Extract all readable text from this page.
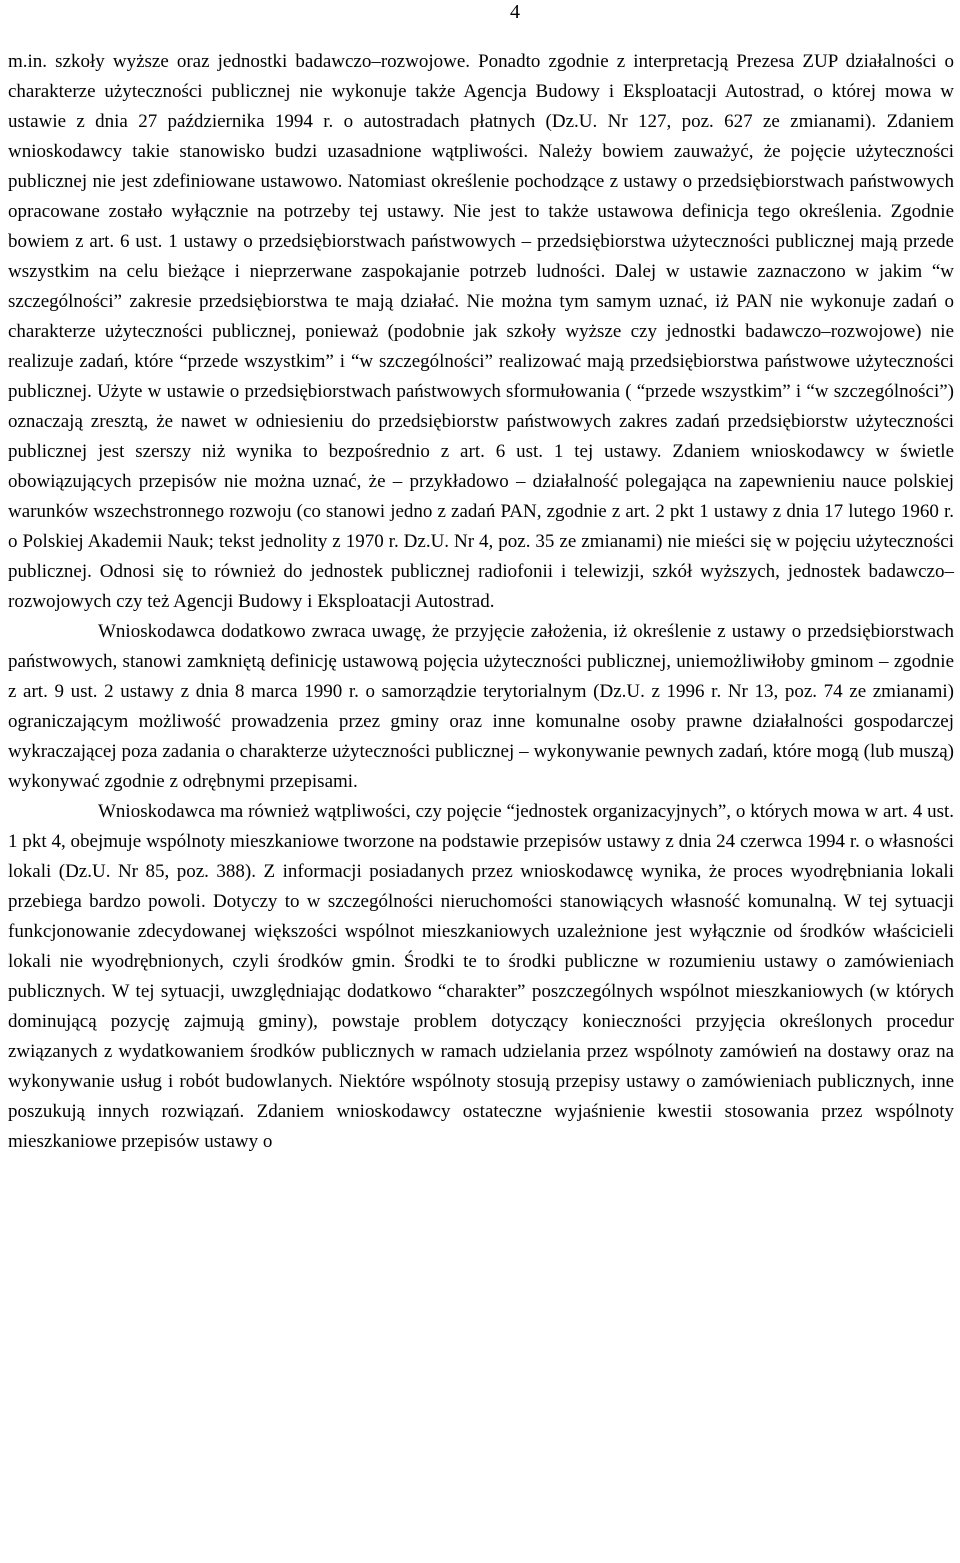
4

m.in. szkoły wyższe oraz jednostki badawczo–rozwojowe. Ponadto zgodnie z interpretacją Prezesa ZUP działalności o charakterze użyteczności publicznej nie wykonuje także Agencja Budowy i Eksploatacji Autostrad, o której mowa w ustawie z dnia 27 października 1994 r. o autostradach płatnych (Dz.U. Nr 127, poz. 627 ze zmianami). Zdaniem wnioskodawcy takie stanowisko budzi uzasadnione wątpliwości. Należy bowiem zauważyć, że pojęcie użyteczności publicznej nie jest zdefiniowane ustawowo. Natomiast określenie pochodzące z ustawy o przedsiębiorstwach państwowych opracowane zostało wyłącznie na potrzeby tej ustawy. Nie jest to także ustawowa definicja tego określenia. Zgodnie bowiem z art. 6 ust. 1 ustawy o przedsiębiorstwach państwowych – przedsiębiorstwa użyteczności publicznej mają przede wszystkim na celu bieżące i nieprzerwane zaspokajanie potrzeb ludności. Dalej w ustawie zaznaczono w jakim “w szczególności” zakresie przedsiębiorstwa te mają działać. Nie można tym samym uznać, iż PAN nie wykonuje zadań o charakterze użyteczności publicznej, ponieważ (podobnie jak szkoły wyższe czy jednostki badawczo–rozwojowe) nie realizuje zadań, które “przede wszystkim” i “w szczególności” realizować mają przedsiębiorstwa państwowe użyteczności publicznej. Użyte w ustawie o przedsiębiorstwach państwowych sformułowania ( “przede wszystkim” i “w szczególności”) oznaczają zresztą, że nawet w odniesieniu do przedsiębiorstw państwowych zakres zadań przedsiębiorstw użyteczności publicznej jest szerszy niż wynika to bezpośrednio z art. 6 ust. 1 tej ustawy. Zdaniem wnioskodawcy w świetle obowiązujących przepisów nie można uznać, że – przykładowo – działalność polegająca na zapewnieniu nauce polskiej warunków wszechstronnego rozwoju (co stanowi jedno z zadań PAN, zgodnie z art. 2 pkt 1 ustawy z dnia 17 lutego 1960 r. o Polskiej Akademii Nauk; tekst jednolity z 1970 r. Dz.U. Nr 4, poz. 35 ze zmianami) nie mieści się w pojęciu użyteczności publicznej. Odnosi się to również do jednostek publicznej radiofonii i telewizji, szkół wyższych, jednostek badawczo–rozwojowych czy też Agencji Budowy i Eksploatacji Autostrad.

Wnioskodawca dodatkowo zwraca uwagę, że przyjęcie założenia, iż określenie z ustawy o przedsiębiorstwach państwowych, stanowi zamkniętą definicję ustawową pojęcia użyteczności publicznej, uniemożliwiłoby gminom – zgodnie z art. 9 ust. 2 ustawy z dnia 8 marca 1990 r. o samorządzie terytorialnym (Dz.U. z 1996 r. Nr 13, poz. 74 ze zmianami) ograniczającym możliwość prowadzenia przez gminy oraz inne komunalne osoby prawne działalności gospodarczej wykraczającej poza zadania o charakterze użyteczności publicznej – wykonywanie pewnych zadań, które mogą (lub muszą) wykonywać zgodnie z odrębnymi przepisami.

Wnioskodawca ma również wątpliwości, czy pojęcie “jednostek organizacyjnych”, o których mowa w art. 4 ust. 1 pkt 4, obejmuje wspólnoty mieszkaniowe tworzone na podstawie przepisów ustawy z dnia 24 czerwca 1994 r. o własności lokali (Dz.U. Nr 85, poz. 388). Z informacji posiadanych przez wnioskodawcę wynika, że proces wyodrębniania lokali przebiega bardzo powoli. Dotyczy to w szczególności nieruchomości stanowiących własność komunalną. W tej sytuacji funkcjonowanie zdecydowanej większości wspólnot mieszkaniowych uzależnione jest wyłącznie od środków właścicieli lokali nie wyodrębnionych, czyli środków gmin. Środki te to środki publiczne w rozumieniu ustawy o zamówieniach publicznych. W tej sytuacji, uwzględniając dodatkowo “charakter” poszczególnych wspólnot mieszkaniowych (w których dominującą pozycję zajmują gminy), powstaje problem dotyczący konieczności przyjęcia określonych procedur związanych z wydatkowaniem środków publicznych w ramach udzielania przez wspólnoty zamówień na dostawy oraz na wykonywanie usług i robót budowlanych. Niektóre wspólnoty stosują przepisy ustawy o zamówieniach publicznych, inne poszukują innych rozwiązań. Zdaniem wnioskodawcy ostateczne wyjaśnienie kwestii stosowania przez wspólnoty mieszkaniowe przepisów ustawy o
